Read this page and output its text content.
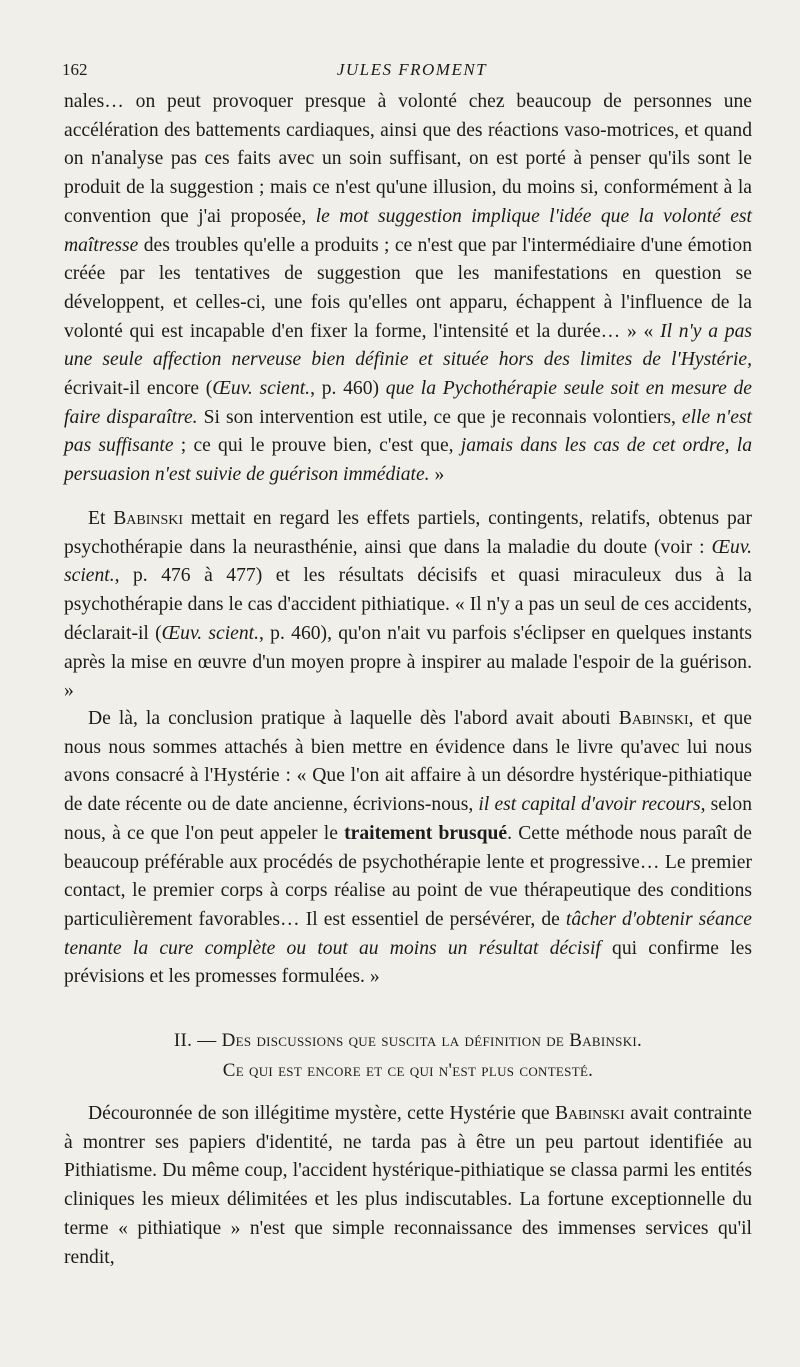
162	JULES FROMENT

nales… on peut provoquer presque à volonté chez beaucoup de personnes une accélération des battements cardiaques, ainsi que des réactions vaso-motrices, et quand on n'analyse pas ces faits avec un soin suffisant, on est porté à penser qu'ils sont le produit de la suggestion ; mais ce n'est qu'une illusion, du moins si, conformément à la convention que j'ai proposée, le mot suggestion implique l'idée que la volonté est maîtresse des troubles qu'elle a produits ; ce n'est que par l'intermédiaire d'une émotion créée par les tentatives de suggestion que les manifestations en question se développent, et celles-ci, une fois qu'elles ont apparu, échappent à l'influence de la volonté qui est incapable d'en fixer la forme, l'intensité et la durée… » « Il n'y a pas une seule affection nerveuse bien définie et située hors des limites de l'Hystérie, écrivait-il encore (Œuv. scient., p. 460) que la Pychothérapie seule soit en mesure de faire disparaître. Si son intervention est utile, ce que je reconnais volontiers, elle n'est pas suffisante ; ce qui le prouve bien, c'est que, jamais dans les cas de cet ordre, la persuasion n'est suivie de guérison immédiate. »

Et Babinski mettait en regard les effets partiels, contingents, relatifs, obtenus par psychothérapie dans la neurasthénie, ainsi que dans la maladie du doute (voir : Œuv. scient., p. 476 à 477) et les résultats décisifs et quasi miraculeux dus à la psychothérapie dans le cas d'accident pithiatique. « Il n'y a pas un seul de ces accidents, déclarait-il (Œuv. scient., p. 460), qu'on n'ait vu parfois s'éclipser en quelques instants après la mise en œuvre d'un moyen propre à inspirer au malade l'espoir de la guérison. »

De là, la conclusion pratique à laquelle dès l'abord avait abouti Babinski, et que nous nous sommes attachés à bien mettre en évidence dans le livre qu'avec lui nous avons consacré à l'Hystérie : « Que l'on ait affaire à un désordre hystérique-pithiatique de date récente ou de date ancienne, écrivions-nous, il est capital d'avoir recours, selon nous, à ce que l'on peut appeler le traitement brusqué. Cette méthode nous paraît de beaucoup préférable aux procédés de psychothérapie lente et progressive… Le premier contact, le premier corps à corps réalise au point de vue thérapeutique des conditions particulièrement favorables… Il est essentiel de persévérer, de tâcher d'obtenir séance tenante la cure complète ou tout au moins un résultat décisif qui confirme les prévisions et les promesses formulées. »

II. — Des discussions que suscita la définition de Babinski.
Ce qui est encore et ce qui n'est plus contesté.

Découronnée de son illégitime mystère, cette Hystérie que Babinski avait contrainte à montrer ses papiers d'identité, ne tarda pas à être un peu partout identifiée au Pithiatisme. Du même coup, l'accident hystérique-pithiatique se classa parmi les entités cliniques les mieux délimitées et les plus indiscutables. La fortune exceptionnelle du terme « pithiatique » n'est que simple reconnaissance des immenses services qu'il rendit,
